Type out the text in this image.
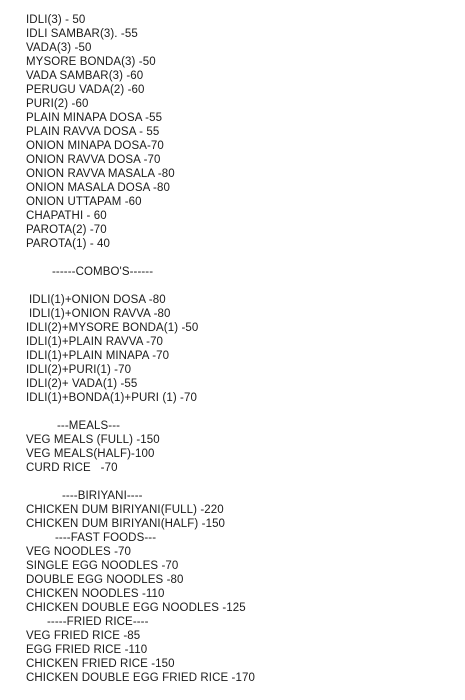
IDLI(3) - 50
IDLI SAMBAR(3). -55
VADA(3) -50
MYSORE BONDA(3) -50
VADA SAMBAR(3) -60
PERUGU VADA(2) -60
PURI(2) -60
PLAIN MINAPA DOSA -55
PLAIN RAVVA DOSA - 55
ONION MINAPA DOSA-70
ONION RAVVA DOSA -70
ONION RAVVA MASALA -80
ONION MASALA DOSA -80
ONION UTTAPAM -60
CHAPATHI - 60
PAROTA(2) -70
PAROTA(1) - 40
------COMBO'S------
IDLI(1)+ONION DOSA -80
IDLI(1)+ONION RAVVA -80
IDLI(2)+MYSORE BONDA(1) -50
IDLI(1)+PLAIN RAVVA -70
IDLI(1)+PLAIN MINAPA -70
IDLI(2)+PURI(1) -70
IDLI(2)+ VADA(1) -55
IDLI(1)+BONDA(1)+PURI (1) -70
---MEALS---
VEG MEALS (FULL) -150
VEG MEALS(HALF)-100
CURD RICE   -70
----BIRIYANI----
CHICKEN DUM BIRIYANI(FULL) -220
CHICKEN DUM BIRIYANI(HALF) -150
----FAST FOODS---
VEG NOODLES -70
SINGLE EGG NOODLES -70
DOUBLE EGG NOODLES -80
CHICKEN NOODLES -110
CHICKEN DOUBLE EGG NOODLES -125
-----FRIED RICE----
VEG FRIED RICE -85
EGG FRIED RICE -110
CHICKEN FRIED RICE -150
CHICKEN DOUBLE EGG FRIED RICE -170
